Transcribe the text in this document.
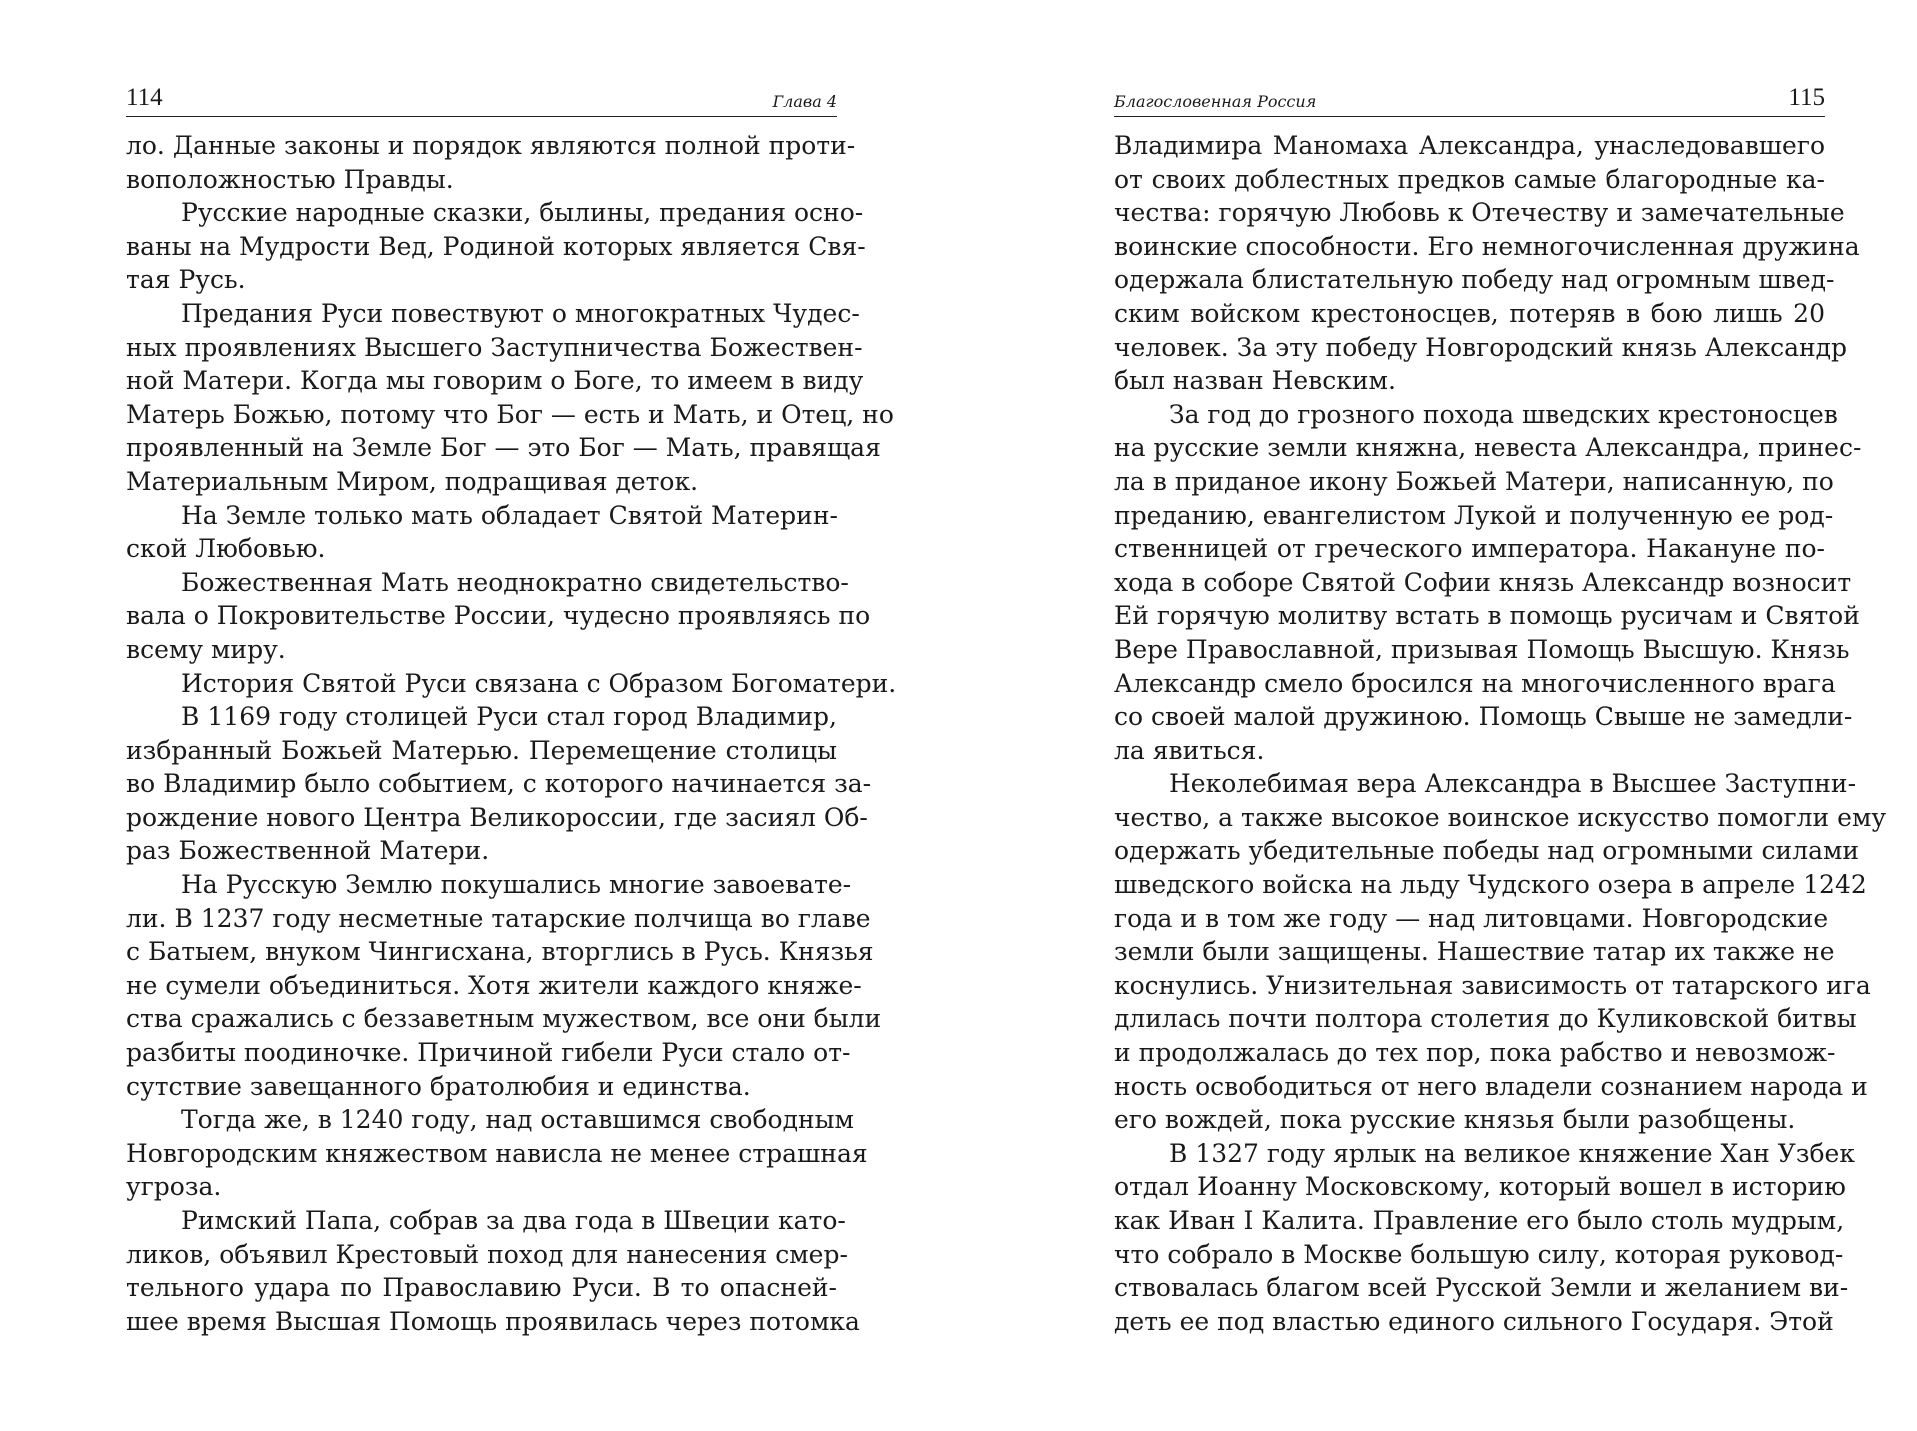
114	Глава 4
ло. Данные законы и порядок являются полной проти-
воположностью Правды.
Русские народные сказки, былины, предания осно-
ваны на Мудрости Вед, Родиной которых является Свя-
тая Русь.
Предания Руси повествуют о многократных Чудес-
ных проявлениях Высшего Заступничества Божествен-
ной Матери. Когда мы говорим о Боге, то имеем в виду
Матерь Божью, потому что Бог — есть и Мать, и Отец, но
проявленный на Земле Бог — это Бог — Мать, правящая
Материальным Миром, подращивая деток.
На Земле только мать обладает Святой Материн-
ской Любовью.
Божественная Мать неоднократно свидетельство-
вала о Покровительстве России, чудесно проявляясь по
всему миру.
История Святой Руси связана с Образом Богоматери.
В 1169 году столицей Руси стал город Владимир,
избранный Божьей Матерью. Перемещение столицы
во Владимир было событием, с которого начинается за-
рождение нового Центра Великороссии, где засиял Об-
раз Божественной Матери.
На Русскую Землю покушались многие завоевате-
ли. В 1237 году несметные татарские полчища во главе
с Батыем, внуком Чингисхана, вторглись в Русь. Князья
не сумели объединиться. Хотя жители каждого княже-
ства сражались с беззаветным мужеством, все они были
разбиты поодиночке. Причиной гибели Руси стало от-
сутствие завещанного братолюбия и единства.
Тогда же, в 1240 году, над оставшимся свободным
Новгородским княжеством нависла не менее страшная
угроза.
Римский Папа, собрав за два года в Швеции като-
ликов, объявил Крестовый поход для нанесения смер-
тельного удара по Православию Руси. В то опасней-
шее время Высшая Помощь проявилась через потомка
Благословенная Россия	115
Владимира Маномаха Александра, унаследовавшего
от своих доблестных предков самые благородные ка-
чества: горячую Любовь к Отечеству и замечательные
воинские способности. Его немногочисленная дружина
одержала блистательную победу над огромным швед-
ским войском крестоносцев, потеряв в бою лишь 20
человек. За эту победу Новгородский князь Александр
был назван Невским.
За год до грозного похода шведских крестоносцев
на русские земли княжна, невеста Александра, принес-
ла в приданое икону Божьей Матери, написанную, по
преданию, евангелистом Лукой и полученную ее род-
ственницей от греческого императора. Накануне по-
хода в соборе Святой Софии князь Александр возносит
Ей горячую молитву встать в помощь русичам и Святой
Вере Православной, призывая Помощь Высшую. Князь
Александр смело бросился на многочисленного врага
со своей малой дружиною. Помощь Свыше не замедли-
ла явиться.
Неколебимая вера Александра в Высшее Заступни-
чество, а также высокое воинское искусство помогли ему
одержать убедительные победы над огромными силами
шведского войска на льду Чудского озера в апреле 1242
года и в том же году — над литовцами. Новгородские
земли были защищены. Нашествие татар их также не
коснулись. Унизительная зависимость от татарского ига
длилась почти полтора столетия до Куликовской битвы
и продолжалась до тех пор, пока рабство и невозмож-
ность освободиться от него владели сознанием народа и
его вождей, пока русские князья были разобщены.
В 1327 году ярлык на великое княжение Хан Узбек
отдал Иоанну Московскому, который вошел в историю
как Иван I Калита. Правление его было столь мудрым,
что собрало в Москве большую силу, которая руковод-
ствовалась благом всей Русской Земли и желанием ви-
деть ее под властью единого сильного Государя. Этой
